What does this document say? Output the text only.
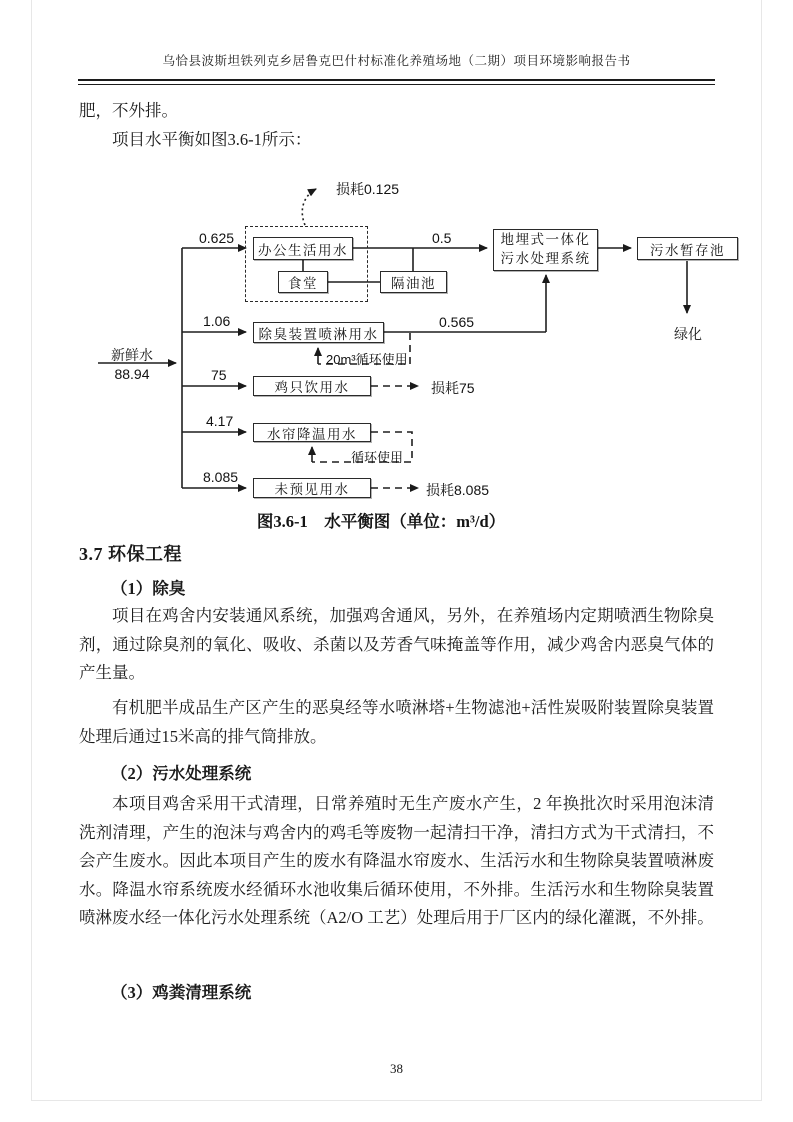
乌恰县波斯坦铁列克乡居鲁克巴什村标准化养殖场地（二期）项目环境影响报告书
肥，不外排。
项目水平衡如图3.6-1所示：
办公生活用水
食堂	隔油池
地埋式一体化
污水处理系统
污水暂存池
除臭装置喷淋用水
鸡只饮用水
水帘降温用水
未预见用水
新鲜水
88.94
0.625	0.5
1.06	0.565
75
4.17
8.085
损耗0.125
损耗75
损耗8.085
20m³循环使用
循环使用
绿化
图3.6-1　水平衡图（单位：m³/d）
3.7 环保工程
（1）除臭
项目在鸡舍内安装通风系统，加强鸡舍通风，另外，在养殖场内定期喷洒生物除臭剂，通过除臭剂的氧化、吸收、杀菌以及芳香气味掩盖等作用，减少鸡舍内恶臭气体的产生量。
有机肥半成品生产区产生的恶臭经等水喷淋塔+生物滤池+活性炭吸附装置除臭装置处理后通过15米高的排气筒排放。
（2）污水处理系统
本项目鸡舍采用干式清理，日常养殖时无生产废水产生，2 年换批次时采用泡沫清洗剂清理，产生的泡沫与鸡舍内的鸡毛等废物一起清扫干净，清扫方式为干式清扫，不会产生废水。因此本项目产生的废水有降温水帘废水、生活污水和生物除臭装置喷淋废水。降温水帘系统废水经循环水池收集后循环使用，不外排。生活污水和生物除臭装置喷淋废水经一体化污水处理系统（A2/O 工艺）处理后用于厂区内的绿化灌溉，不外排。
（3）鸡粪清理系统
38
